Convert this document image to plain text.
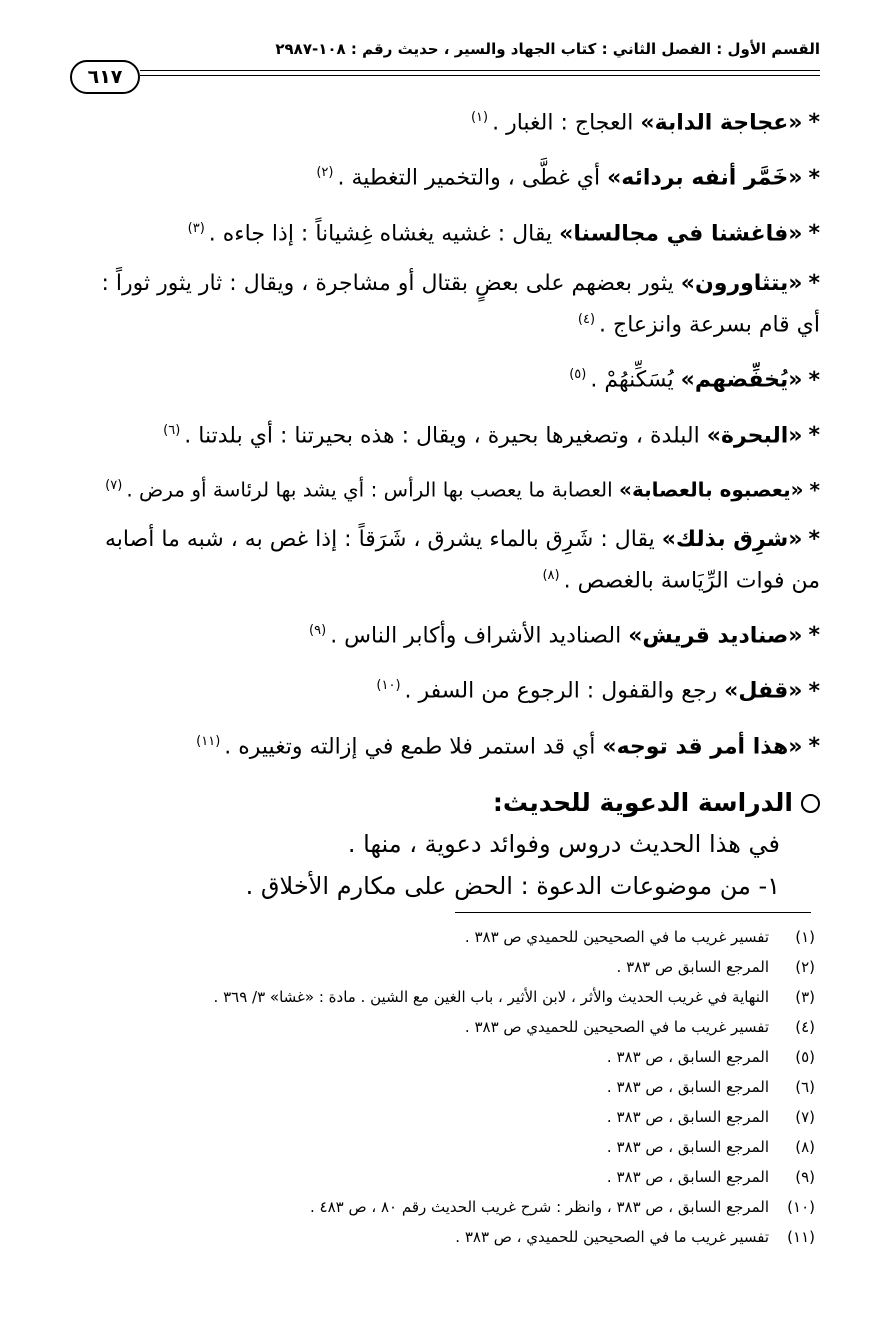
القسم الأول : الفصل الثاني : كتاب الجهاد والسير ، حديث رقم : ١٠٨-٢٩٨٧
٦١٧
*«عجاجة الدابة» العجاج : الغبار .$^{(١)}$
*«خَمَّر أنفه بردائه» أي غطَّى ، والتخمير التغطية .$^{(٢)}$
*«فاغشنا في مجالسنا» يقال : غشيه يغشاه غِشياناً : إذا جاءه .$^{(٣)}$
*«يتثاورون» يثور بعضهم على بعضٍ بقتال أو مشاجرة ، ويقال : ثار يثور ثوراً : أي قام بسرعة وانزعاج .$^{(٤)}$
*«يُخفِّضهم» يُسَكِّنهُمْ .$^{(٥)}$
*«البحرة» البلدة ، وتصغيرها بحيرة ، ويقال : هذه بحيرتنا : أي بلدتنا .$^{(٦)}$
*«يعصبوه بالعصابة» العصابة ما يعصب بها الرأس : أي يشد بها لرئاسة أو مرض .$^{(٧)}$
*«شرِق بذلك» يقال : شَرِق بالماء يشرق ، شَرَقاً : إذا غص به ، شبه ما أصابه من فوات الرِّيَاسة بالغصص .$^{(٨)}$
*«صناديد قريش» الصناديد الأشراف وأكابر الناس .$^{(٩)}$
*«قفل» رجع والقفول : الرجوع من السفر .$^{(١٠)}$
*«هذا أمر قد توجه» أي قد استمر فلا طمع في إزالته وتغييره .$^{(١١)}$
الدراسة الدعوية للحديث:
في هذا الحديث دروس وفوائد دعوية ، منها .
١- من موضوعات الدعوة : الحض على مكارم الأخلاق .
(١)تفسير غريب ما في الصحيحين للحميدي ص ٣٨٣ .
(٢)المرجع السابق ص ٣٨٣ .
(٣)النهاية في غريب الحديث والأثر ، لابن الأثير ، باب الغين مع الشين . مادة : «غشا» ٣/ ٣٦٩ .
(٤)تفسير غريب ما في الصحيحين للحميدي ص ٣٨٣ .
(٥)المرجع السابق ، ص ٣٨٣ .
(٦)المرجع السابق ، ص ٣٨٣ .
(٧)المرجع السابق ، ص ٣٨٣ .
(٨)المرجع السابق ، ص ٣٨٣ .
(٩)المرجع السابق ، ص ٣٨٣ .
(١٠)المرجع السابق ، ص ٣٨٣ ، وانظر : شرح غريب الحديث رقم ٨٠ ، ص ٤٨٣ .
(١١)تفسير غريب ما في الصحيحين للحميدي ، ص ٣٨٣ .
